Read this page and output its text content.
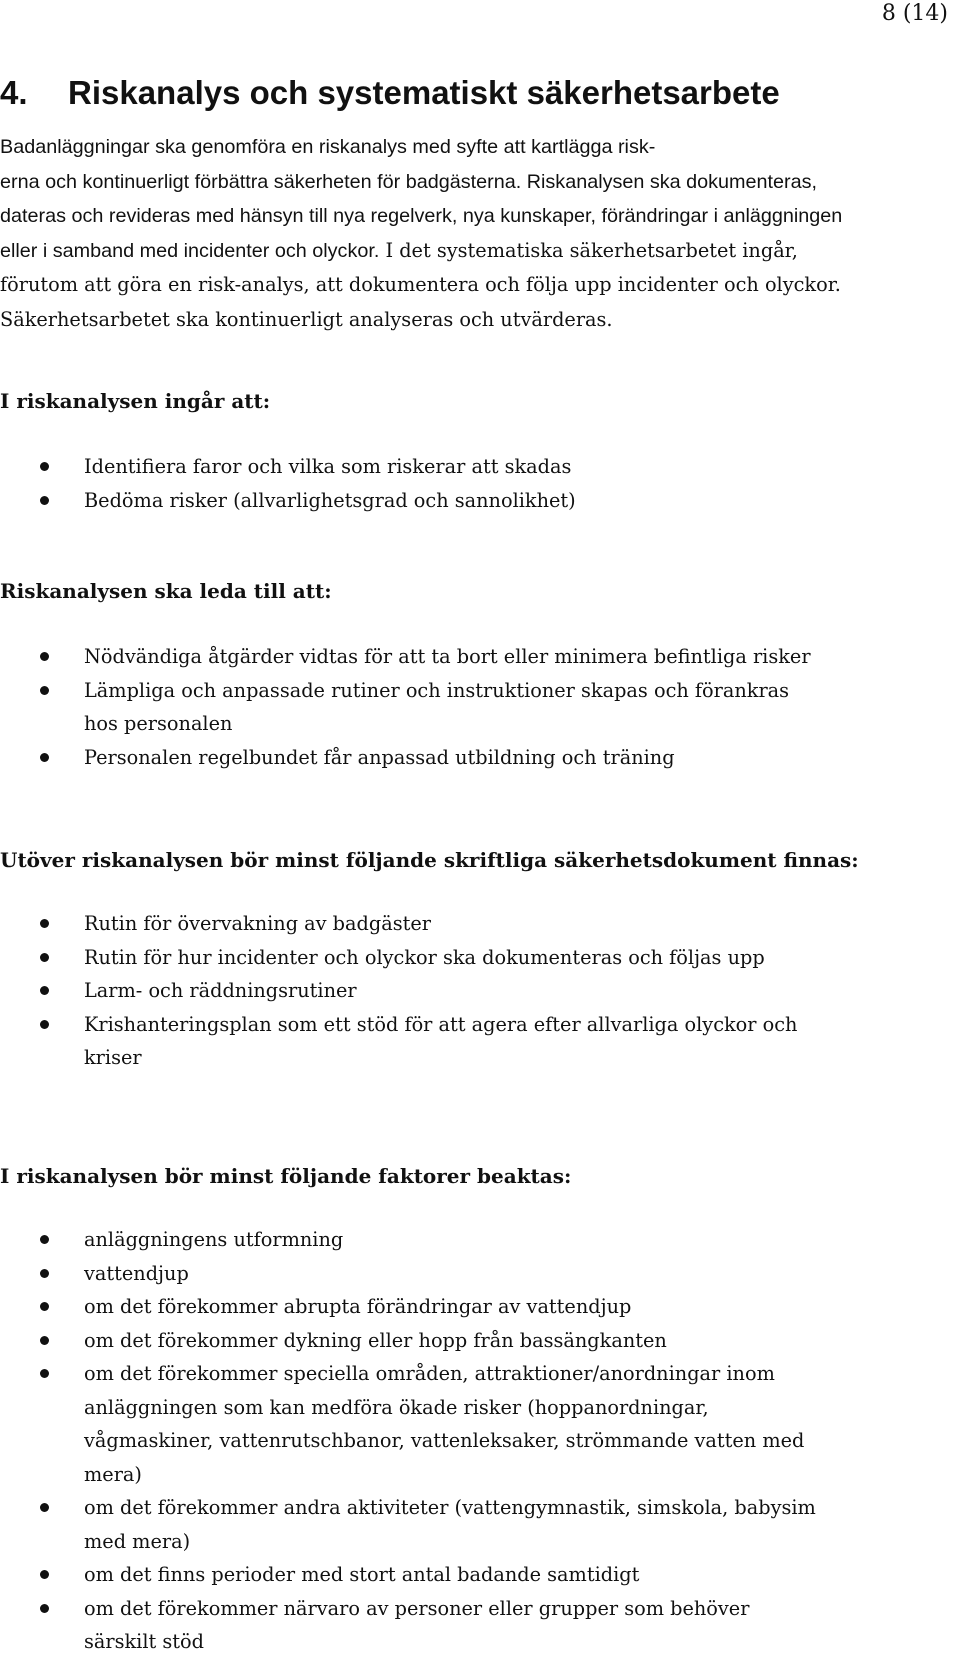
8 (14)
4. Riskanalys och systematiskt säkerhetsarbete

Badanläggningar ska genomföra en riskanalys med syfte att kartlägga risk-
erna och kontinuerligt förbättra säkerheten för badgästerna. Riskanalysen ska dokumenteras, dateras och revideras med hänsyn till nya regelverk, nya kunskaper, förändringar i anläggningen eller i samband med incidenter och olyckor. I det systematiska säkerhetsarbetet ingår, förutom att göra en risk-analys, att dokumentera och följa upp incidenter och olyckor. Säkerhetsarbetet ska kontinuerligt analyseras och utvärderas.

I riskanalysen ingår att:
Identifiera faror och vilka som riskerar att skadas
Bedöma risker (allvarlighetsgrad och sannolikhet)
Riskanalysen ska leda till att:
Nödvändiga åtgärder vidtas för att ta bort eller minimera befintliga risker
Lämpliga och anpassade rutiner och instruktioner skapas och förankras hos personalen
Personalen regelbundet får anpassad utbildning och träning
Utöver riskanalysen bör minst följande skriftliga säkerhetsdokument finnas:
Rutin för övervakning av badgäster
Rutin för hur incidenter och olyckor ska dokumenteras och följas upp
Larm- och räddningsrutiner
Krishanteringsplan som ett stöd för att agera efter allvarliga olyckor och kriser
I riskanalysen bör minst följande faktorer beaktas:
anläggningens utformning
vattendjup
om det förekommer abrupta förändringar av vattendjup
om det förekommer dykning eller hopp från bassängkanten
om det förekommer speciella områden, attraktioner/anordningar inom anläggningen som kan medföra ökade risker (hoppanordningar, vågmaskiner, vattenrutschbanor, vattenleksaker, strömmande vatten med mera)
om det förekommer andra aktiviteter (vattengymnastik, simskola, babysim med mera)
om det finns perioder med stort antal badande samtidigt
om det förekommer närvaro av personer eller grupper som behöver särskilt stöd
